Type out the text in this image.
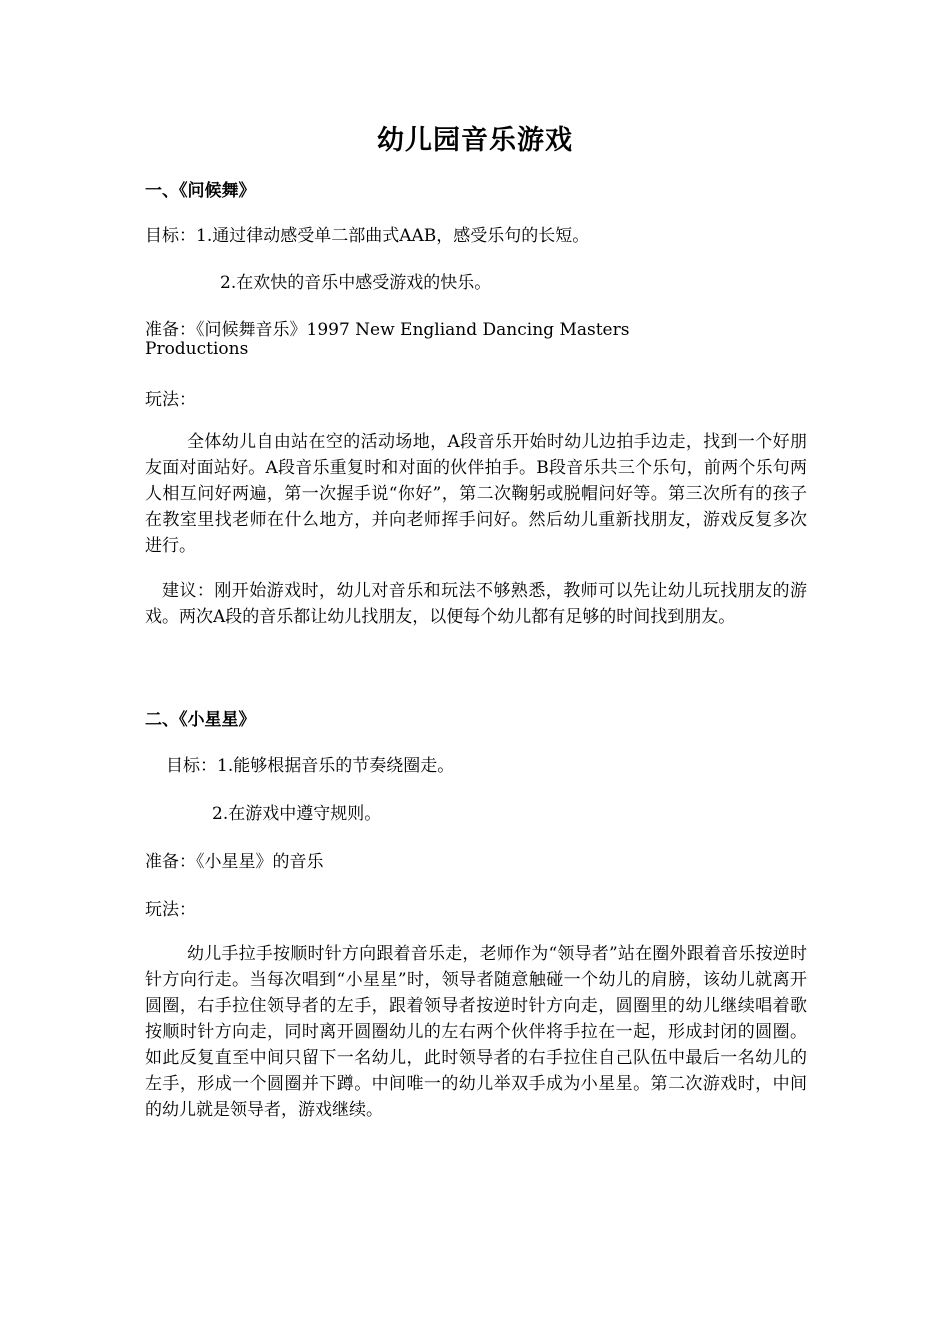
幼儿园音乐游戏
一、《问候舞》
目标：1.通过律动感受单二部曲式AAB，感受乐句的长短。
2.在欢快的音乐中感受游戏的快乐。
准备：《问候舞音乐》1997 New Engliand Dancing Masters
Productions
玩法：
全体幼儿自由站在空的活动场地，A段音乐开始时幼儿边拍手边走，找到一个好朋友面对面站好。A段音乐重复时和对面的伙伴拍手。B段音乐共三个乐句，前两个乐句两人相互问好两遍，第一次握手说“你好”，第二次鞠躬或脱帽问好等。第三次所有的孩子在教室里找老师在什么地方，并向老师挥手问好。然后幼儿重新找朋友，游戏反复多次进行。
建议：刚开始游戏时，幼儿对音乐和玩法不够熟悉，教师可以先让幼儿玩找朋友的游戏。两次A段的音乐都让幼儿找朋友，以便每个幼儿都有足够的时间找到朋友。
二、《小星星》
目标：1.能够根据音乐的节奏绕圈走。
2.在游戏中遵守规则。
准备：《小星星》的音乐
玩法：
幼儿手拉手按顺时针方向跟着音乐走，老师作为“领导者”站在圈外跟着音乐按逆时针方向行走。当每次唱到“小星星”时，领导者随意触碰一个幼儿的肩膀，该幼儿就离开圆圈，右手拉住领导者的左手，跟着领导者按逆时针方向走，圆圈里的幼儿继续唱着歌按顺时针方向走，同时离开圆圈幼儿的左右两个伙伴将手拉在一起，形成封闭的圆圈。如此反复直至中间只留下一名幼儿，此时领导者的右手拉住自己队伍中最后一名幼儿的左手，形成一个圆圈并下蹲。中间唯一的幼儿举双手成为小星星。第二次游戏时，中间的幼儿就是领导者，游戏继续。
